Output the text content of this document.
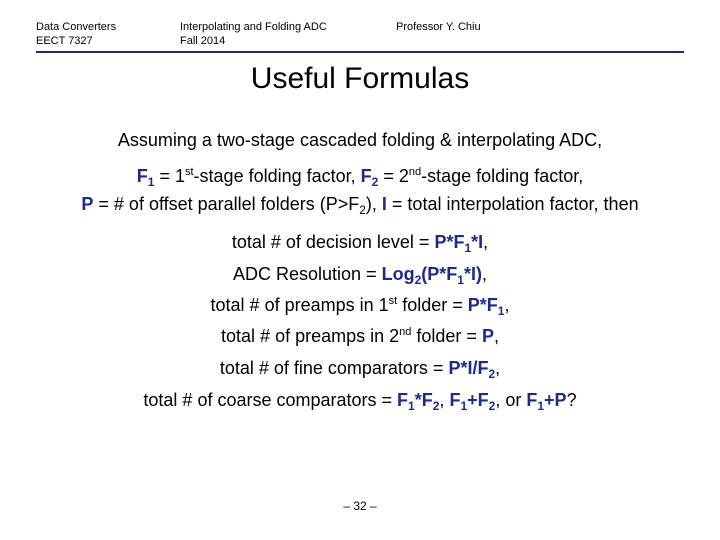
Data Converters
EECT 7327
Interpolating and Folding ADC
Fall 2014
Professor Y. Chiu
Useful Formulas
Assuming a two-stage cascaded folding & interpolating ADC,
$F_1$ = 1st-stage folding factor, $F_2$ = 2nd-stage folding factor,
P = # of offset parallel folders $(P>F_2)$, I = total interpolation factor, then
total # of decision level = $P*F_1*I$,
ADC Resolution = $Log_2(P*F_1*I)$,
total # of preamps in 1st folder = $P*F_1$,
total # of preamps in 2nd folder = P,
total # of fine comparators = $P*I/F_2$,
total # of coarse comparators = $F_1*F_2$, $F_1+F_2$, or $F_1+P$?
– 32 –
